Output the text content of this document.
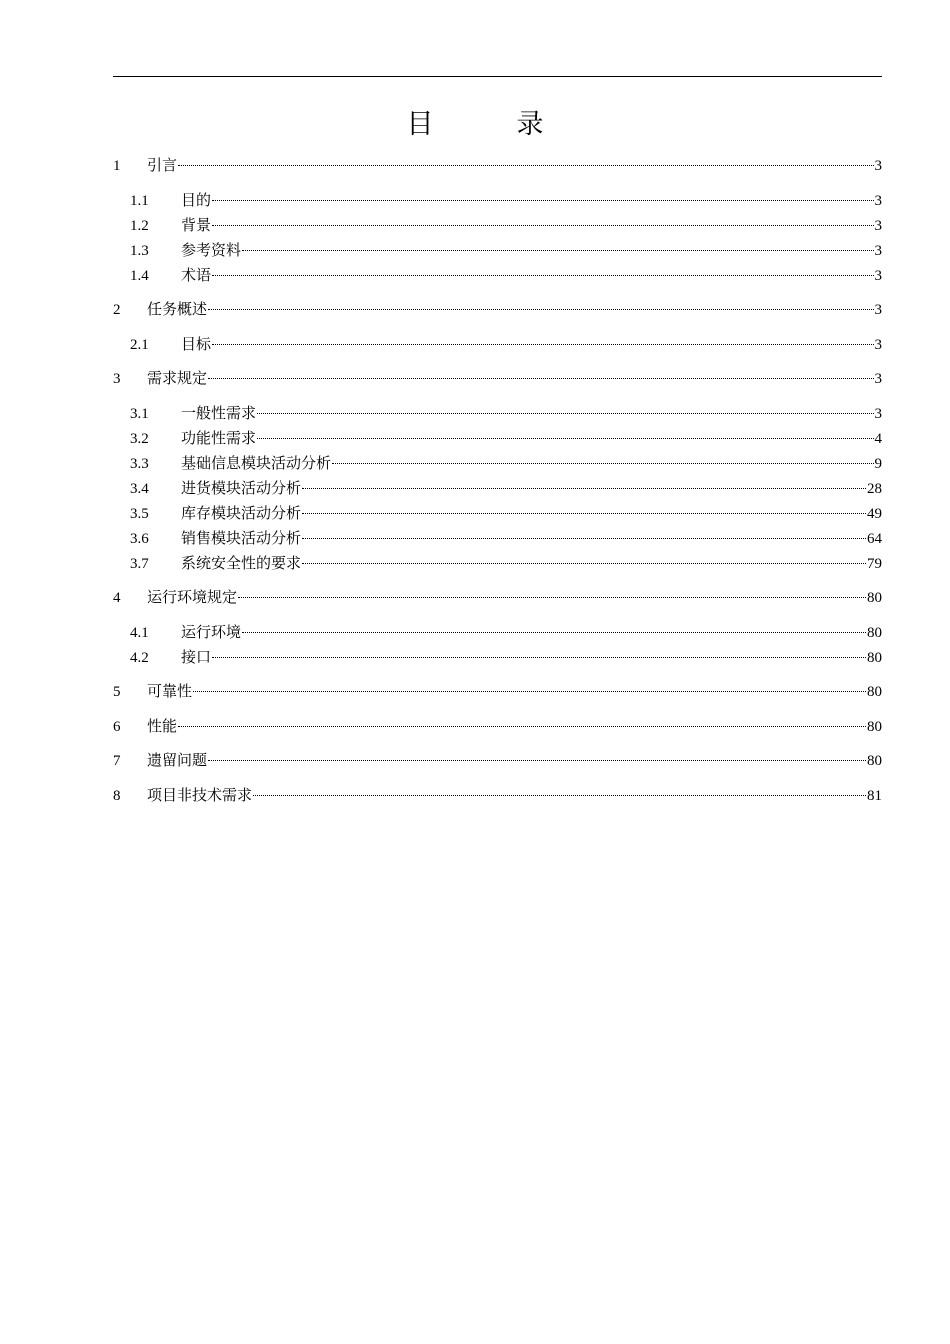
目　录
1	引言	3
1.1	目的	3
1.2	背景	3
1.3	参考资料	3
1.4	术语	3
2	任务概述	3
2.1	目标	3
3	需求规定	3
3.1	一般性需求	3
3.2	功能性需求	4
3.3	基础信息模块活动分析	9
3.4	进货模块活动分析	28
3.5	库存模块活动分析	49
3.6	销售模块活动分析	64
3.7	系统安全性的要求	79
4	运行环境规定	80
4.1	运行环境	80
4.2	接口	80
5	可靠性	80
6	性能	80
7	遗留问题	80
8	项目非技术需求	81
